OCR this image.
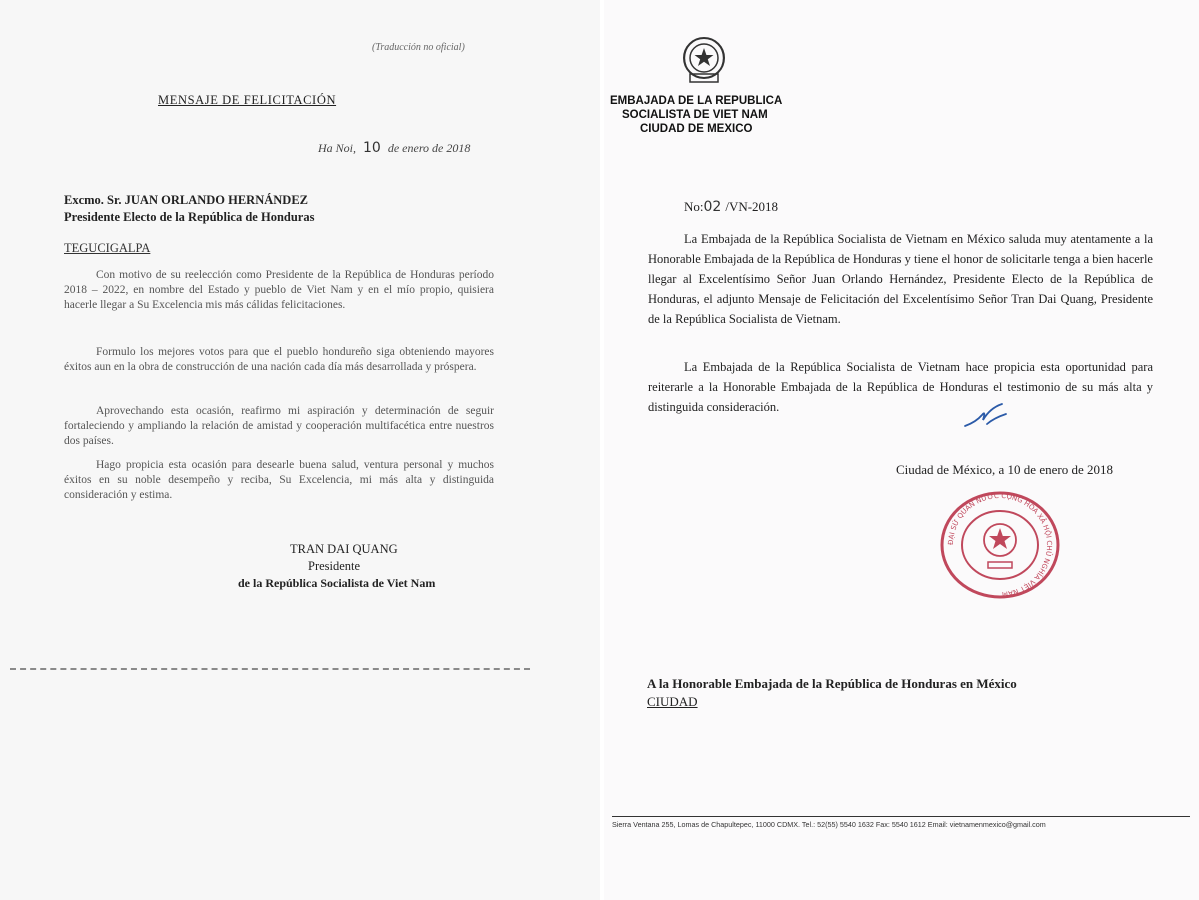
(Traducción no oficial)
MENSAJE DE FELICITACIÓN
Ha Noi, 10 de enero de 2018
Excmo. Sr. JUAN ORLANDO HERNÁNDEZ
Presidente Electo de la República de Honduras
TEGUCIGALPA
Con motivo de su reelección como Presidente de la República de Honduras período 2018 – 2022, en nombre del Estado y pueblo de Viet Nam y en el mío propio, quisiera hacerle llegar a Su Excelencia mis más cálidas felicitaciones.
Formulo los mejores votos para que el pueblo hondureño siga obteniendo mayores éxitos aun en la obra de construcción de una nación cada día más desarrollada y próspera.
Aprovechando esta ocasión, reafirmo mi aspiración y determinación de seguir fortaleciendo y ampliando la relación de amistad y cooperación multifacética entre nuestros dos países.
Hago propicia esta ocasión para desearle buena salud, ventura personal y muchos éxitos en su noble desempeño y reciba, Su Excelencia, mi más alta y distinguida consideración y estima.
TRAN DAI QUANG
Presidente
de la República Socialista de Viet Nam
EMBAJADA DE LA REPUBLICA
SOCIALISTA DE VIET NAM
CIUDAD DE MEXICO
No:02 /VN-2018
La Embajada de la República Socialista de Vietnam en México saluda muy atentamente a la Honorable Embajada de la República de Honduras y tiene el honor de solicitarle tenga a bien hacerle llegar al Excelentísimo Señor Juan Orlando Hernández, Presidente Electo de la República de Honduras, el adjunto Mensaje de Felicitación del Excelentísimo Señor Tran Dai Quang, Presidente de la República Socialista de Vietnam.
La Embajada de la República Socialista de Vietnam hace propicia esta oportunidad para reiterarle a la Honorable Embajada de la República de Honduras el testimonio de su más alta y distinguida consideración.
Ciudad de México, a 10 de enero de 2018
ĐẠI SỨ QUÁN NƯỚC CỘNG HÒA XÃ HỘI CHỦ NGHĨA VIỆT NAM
A la Honorable Embajada de la República de Honduras en México
CIUDAD
Sierra Ventana 255, Lomas de Chapultepec, 11000 CDMX. Tel.: 52(55) 5540 1632 Fax: 5540 1612 Email: vietnamenmexico@gmail.com
